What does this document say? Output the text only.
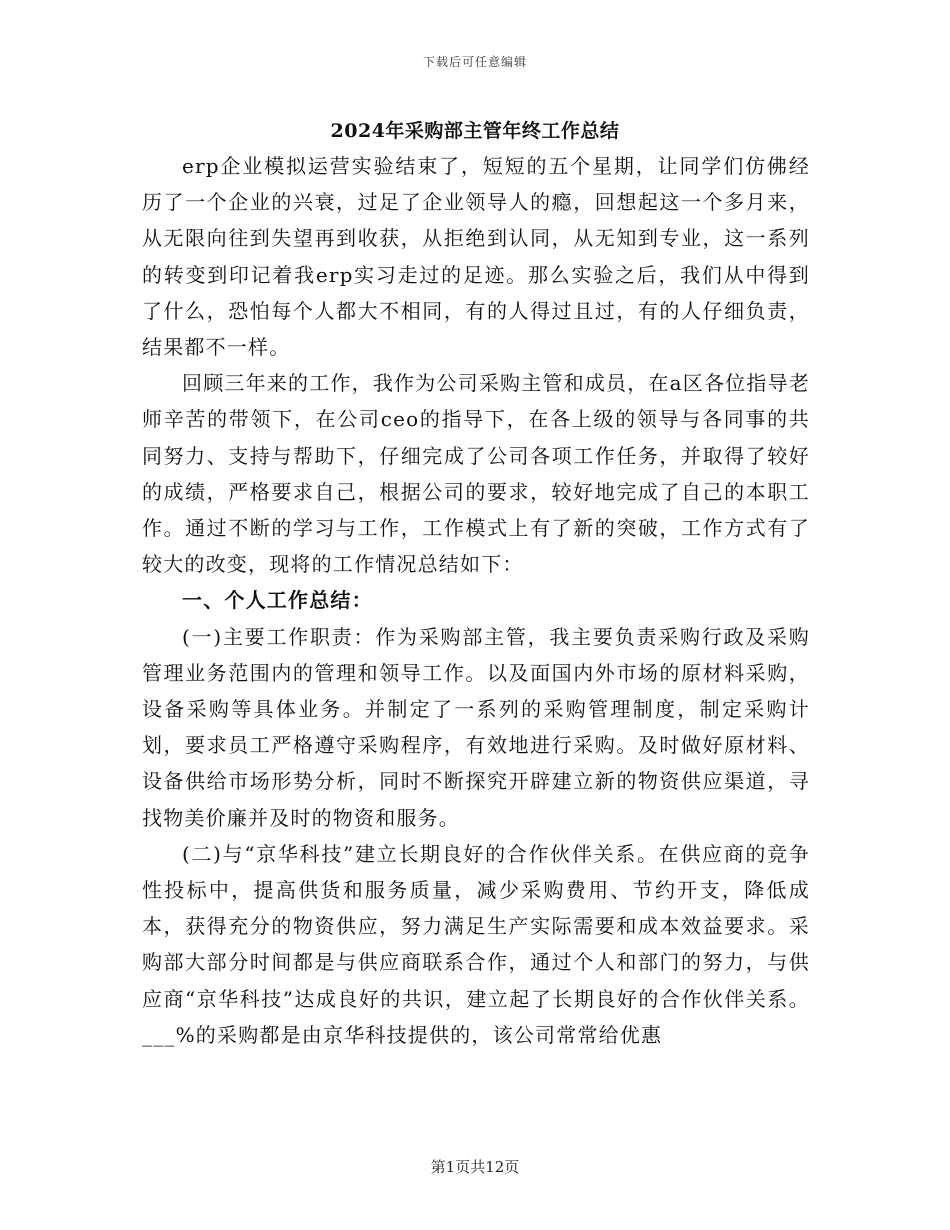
下载后可任意编辑
2024年采购部主管年终工作总结

erp企业模拟运营实验结束了，短短的五个星期，让同学们仿佛经历了一个企业的兴衰，过足了企业领导人的瘾，回想起这一个多月来，从无限向往到失望再到收获，从拒绝到认同，从无知到专业，这一系列的转变到印记着我erp实习走过的足迹。那么实验之后，我们从中得到了什么，恐怕每个人都大不相同，有的人得过且过，有的人仔细负责，结果都不一样。

回顾三年来的工作，我作为公司采购主管和成员，在a区各位指导老师辛苦的带领下，在公司ceo的指导下，在各上级的领导与各同事的共同努力、支持与帮助下，仔细完成了公司各项工作任务，并取得了较好的成绩，严格要求自己，根据公司的要求，较好地完成了自己的本职工作。通过不断的学习与工作，工作模式上有了新的突破，工作方式有了较大的改变，现将的工作情况总结如下：

一、个人工作总结：

(一)主要工作职责：作为采购部主管，我主要负责采购行政及采购管理业务范围内的管理和领导工作。以及面国内外市场的原材料采购，设备采购等具体业务。并制定了一系列的采购管理制度，制定采购计划，要求员工严格遵守采购程序，有效地进行采购。及时做好原材料、设备供给市场形势分析，同时不断探究开辟建立新的物资供应渠道，寻找物美价廉并及时的物资和服务。

(二)与“京华科技”建立长期良好的合作伙伴关系。在供应商的竞争性投标中，提高供货和服务质量，减少采购费用、节约开支，降低成本，获得充分的物资供应，努力满足生产实际需要和成本效益要求。采购部大部分时间都是与供应商联系合作，通过个人和部门的努力，与供应商“京华科技”达成良好的共识，建立起了长期良好的合作伙伴关系。___%的采购都是由京华科技提供的，该公司常常给优惠

第1页共12页
